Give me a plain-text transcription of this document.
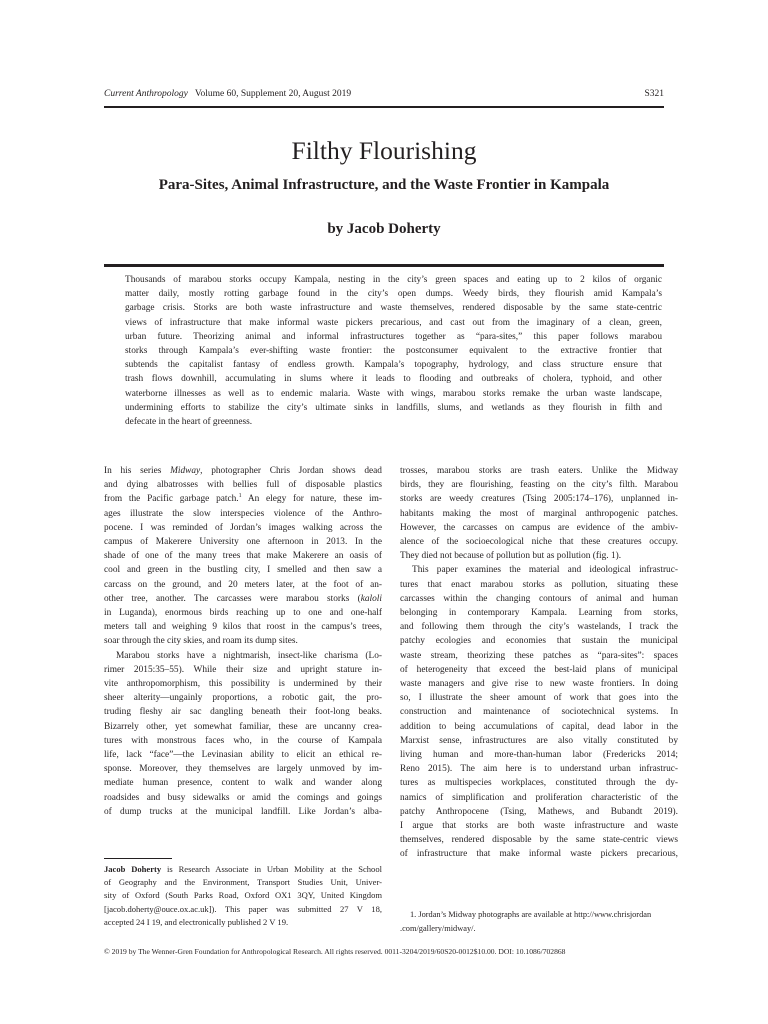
Current Anthropology Volume 60, Supplement 20, August 2019	S321
Filthy Flourishing
Para-Sites, Animal Infrastructure, and the Waste Frontier in Kampala
by Jacob Doherty
Thousands of marabou storks occupy Kampala, nesting in the city’s green spaces and eating up to 2 kilos of organic
matter daily, mostly rotting garbage found in the city’s open dumps. Weedy birds, they flourish amid Kampala’s
garbage crisis. Storks are both waste infrastructure and waste themselves, rendered disposable by the same state-centric
views of infrastructure that make informal waste pickers precarious, and cast out from the imaginary of a clean, green,
urban future. Theorizing animal and informal infrastructures together as “para-sites,” this paper follows marabou
storks through Kampala’s ever-shifting waste frontier: the postconsumer equivalent to the extractive frontier that
subtends the capitalist fantasy of endless growth. Kampala’s topography, hydrology, and class structure ensure that
trash flows downhill, accumulating in slums where it leads to flooding and outbreaks of cholera, typhoid, and other
waterborne illnesses as well as to endemic malaria. Waste with wings, marabou storks remake the urban waste landscape,
undermining efforts to stabilize the city’s ultimate sinks in landfills, slums, and wetlands as they flourish in filth and
defecate in the heart of greenness.
In his series Midway, photographer Chris Jordan shows dead
and dying albatrosses with bellies full of disposable plastics
from the Pacific garbage patch.$^1$ An elegy for nature, these im-
ages illustrate the slow interspecies violence of the Anthro-
pocene. I was reminded of Jordan’s images walking across the
campus of Makerere University one afternoon in 2013. In the
shade of one of the many trees that make Makerere an oasis of
cool and green in the bustling city, I smelled and then saw a
carcass on the ground, and 20 meters later, at the foot of an-
other tree, another. The carcasses were marabou storks (kaloli
in Luganda), enormous birds reaching up to one and one-half
meters tall and weighing 9 kilos that roost in the campus’s trees,
soar through the city skies, and roam its dump sites.
Marabou storks have a nightmarish, insect-like charisma (Lo-
rimer 2015:35–55). While their size and upright stature in-
vite anthropomorphism, this possibility is undermined by their
sheer alterity—ungainly proportions, a robotic gait, the pro-
truding fleshy air sac dangling beneath their foot-long beaks.
Bizarrely other, yet somewhat familiar, these are uncanny crea-
tures with monstrous faces who, in the course of Kampala
life, lack “face”—the Levinasian ability to elicit an ethical re-
sponse. Moreover, they themselves are largely unmoved by im-
mediate human presence, content to walk and wander along
roadsides and busy sidewalks or amid the comings and goings
of dump trucks at the municipal landfill. Like Jordan’s alba-
trosses, marabou storks are trash eaters. Unlike the Midway
birds, they are flourishing, feasting on the city’s filth. Marabou
storks are weedy creatures (Tsing 2005:174–176), unplanned in-
habitants making the most of marginal anthropogenic patches.
However, the carcasses on campus are evidence of the ambiv-
alence of the socioecological niche that these creatures occupy.
They died not because of pollution but as pollution (fig. 1).
This paper examines the material and ideological infrastruc-
tures that enact marabou storks as pollution, situating these
carcasses within the changing contours of animal and human
belonging in contemporary Kampala. Learning from storks,
and following them through the city’s wastelands, I track the
patchy ecologies and economies that sustain the municipal
waste stream, theorizing these patches as “para-sites”: spaces
of heterogeneity that exceed the best-laid plans of municipal
waste managers and give rise to new waste frontiers. In doing
so, I illustrate the sheer amount of work that goes into the
construction and maintenance of sociotechnical systems. In
addition to being accumulations of capital, dead labor in the
Marxist sense, infrastructures are also vitally constituted by
living human and more-than-human labor (Fredericks 2014;
Reno 2015). The aim here is to understand urban infrastruc-
tures as multispecies workplaces, constituted through the dy-
namics of simplification and proliferation characteristic of the
patchy Anthropocene (Tsing, Mathews, and Bubandt 2019).
I argue that storks are both waste infrastructure and waste
themselves, rendered disposable by the same state-centric views
of infrastructure that make informal waste pickers precarious,
Jacob Doherty is Research Associate in Urban Mobility at the School
of Geography and the Environment, Transport Studies Unit, Univer-
sity of Oxford (South Parks Road, Oxford OX1 3QY, United Kingdom
[jacob.doherty@ouce.ox.ac.uk]). This paper was submitted 27 V 18,
accepted 24 I 19, and electronically published 2 V 19.
1. Jordan’s Midway photographs are available at http://www.chrisjordan
.com/gallery/midway/.
© 2019 by The Wenner-Gren Foundation for Anthropological Research. All rights reserved. 0011-3204/2019/60S20-0012$10.00. DOI: 10.1086/702868
